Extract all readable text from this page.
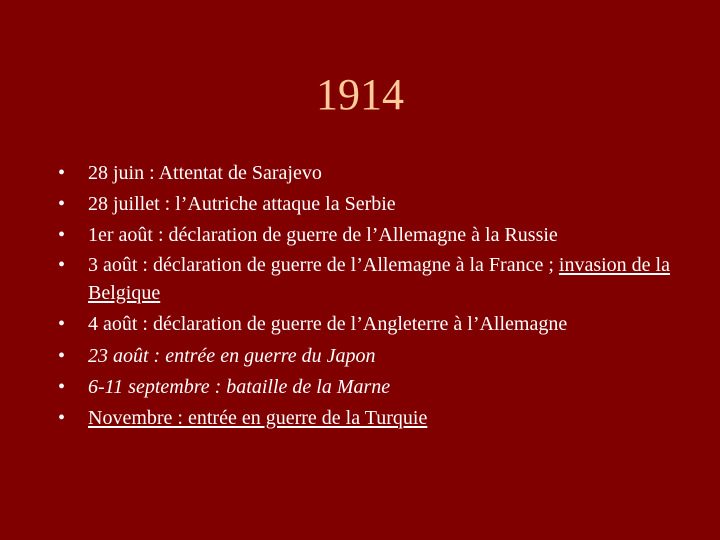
1914
•	28 juin : Attentat de Sarajevo
•	28 juillet : l’Autriche attaque la Serbie
•	1er août : déclaration de guerre de l’Allemagne à la Russie
•	3 août : déclaration de guerre de l’Allemagne à la France ; invasion de la Belgique
•	4 août : déclaration de guerre de l’Angleterre à l’Allemagne
•	23 août : entrée en guerre du Japon
•	6-11 septembre : bataille de la Marne
•	Novembre : entrée en guerre de la Turquie
